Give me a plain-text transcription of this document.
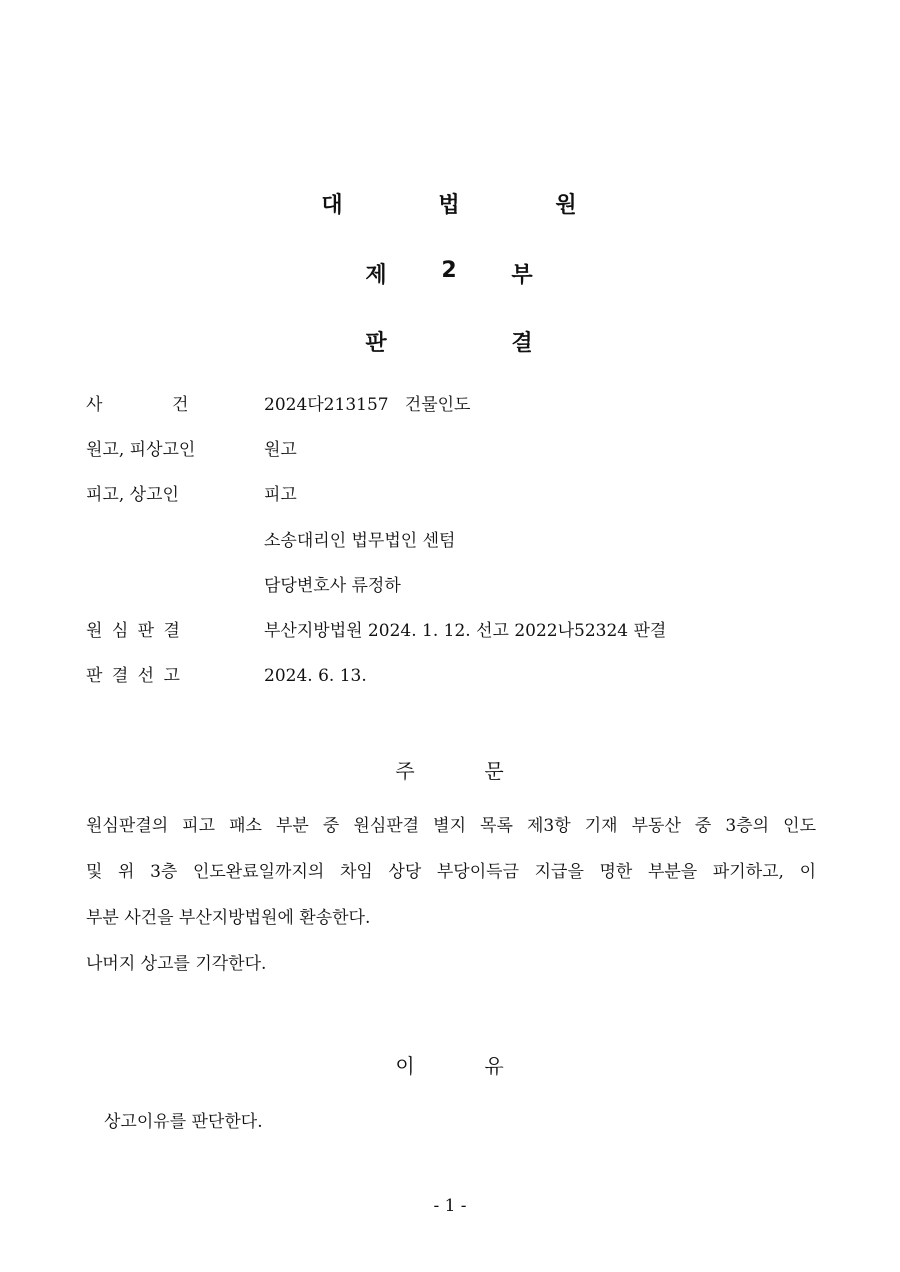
대	법	원
제 2 부
판	결
사	건	2024다213157   건물인도
원고, 피상고인	원고
피고, 상고인	피고
소송대리인 법무법인 센텀
담당변호사 류정하
원 심 판 결	부산지방법원 2024. 1. 12. 선고 2022나52324 판결
판 결 선 고	2024. 6. 13.
주	문
원심판결의 피고 패소 부분 중 원심판결 별지 목록 제3항 기재 부동산 중 3층의 인도
및 위 3층 인도완료일까지의 차임 상당 부당이득금 지급을 명한 부분을 파기하고, 이
부분 사건을 부산지방법원에 환송한다.
나머지 상고를 기각한다.
이	유
상고이유를 판단한다.
- 1 -
